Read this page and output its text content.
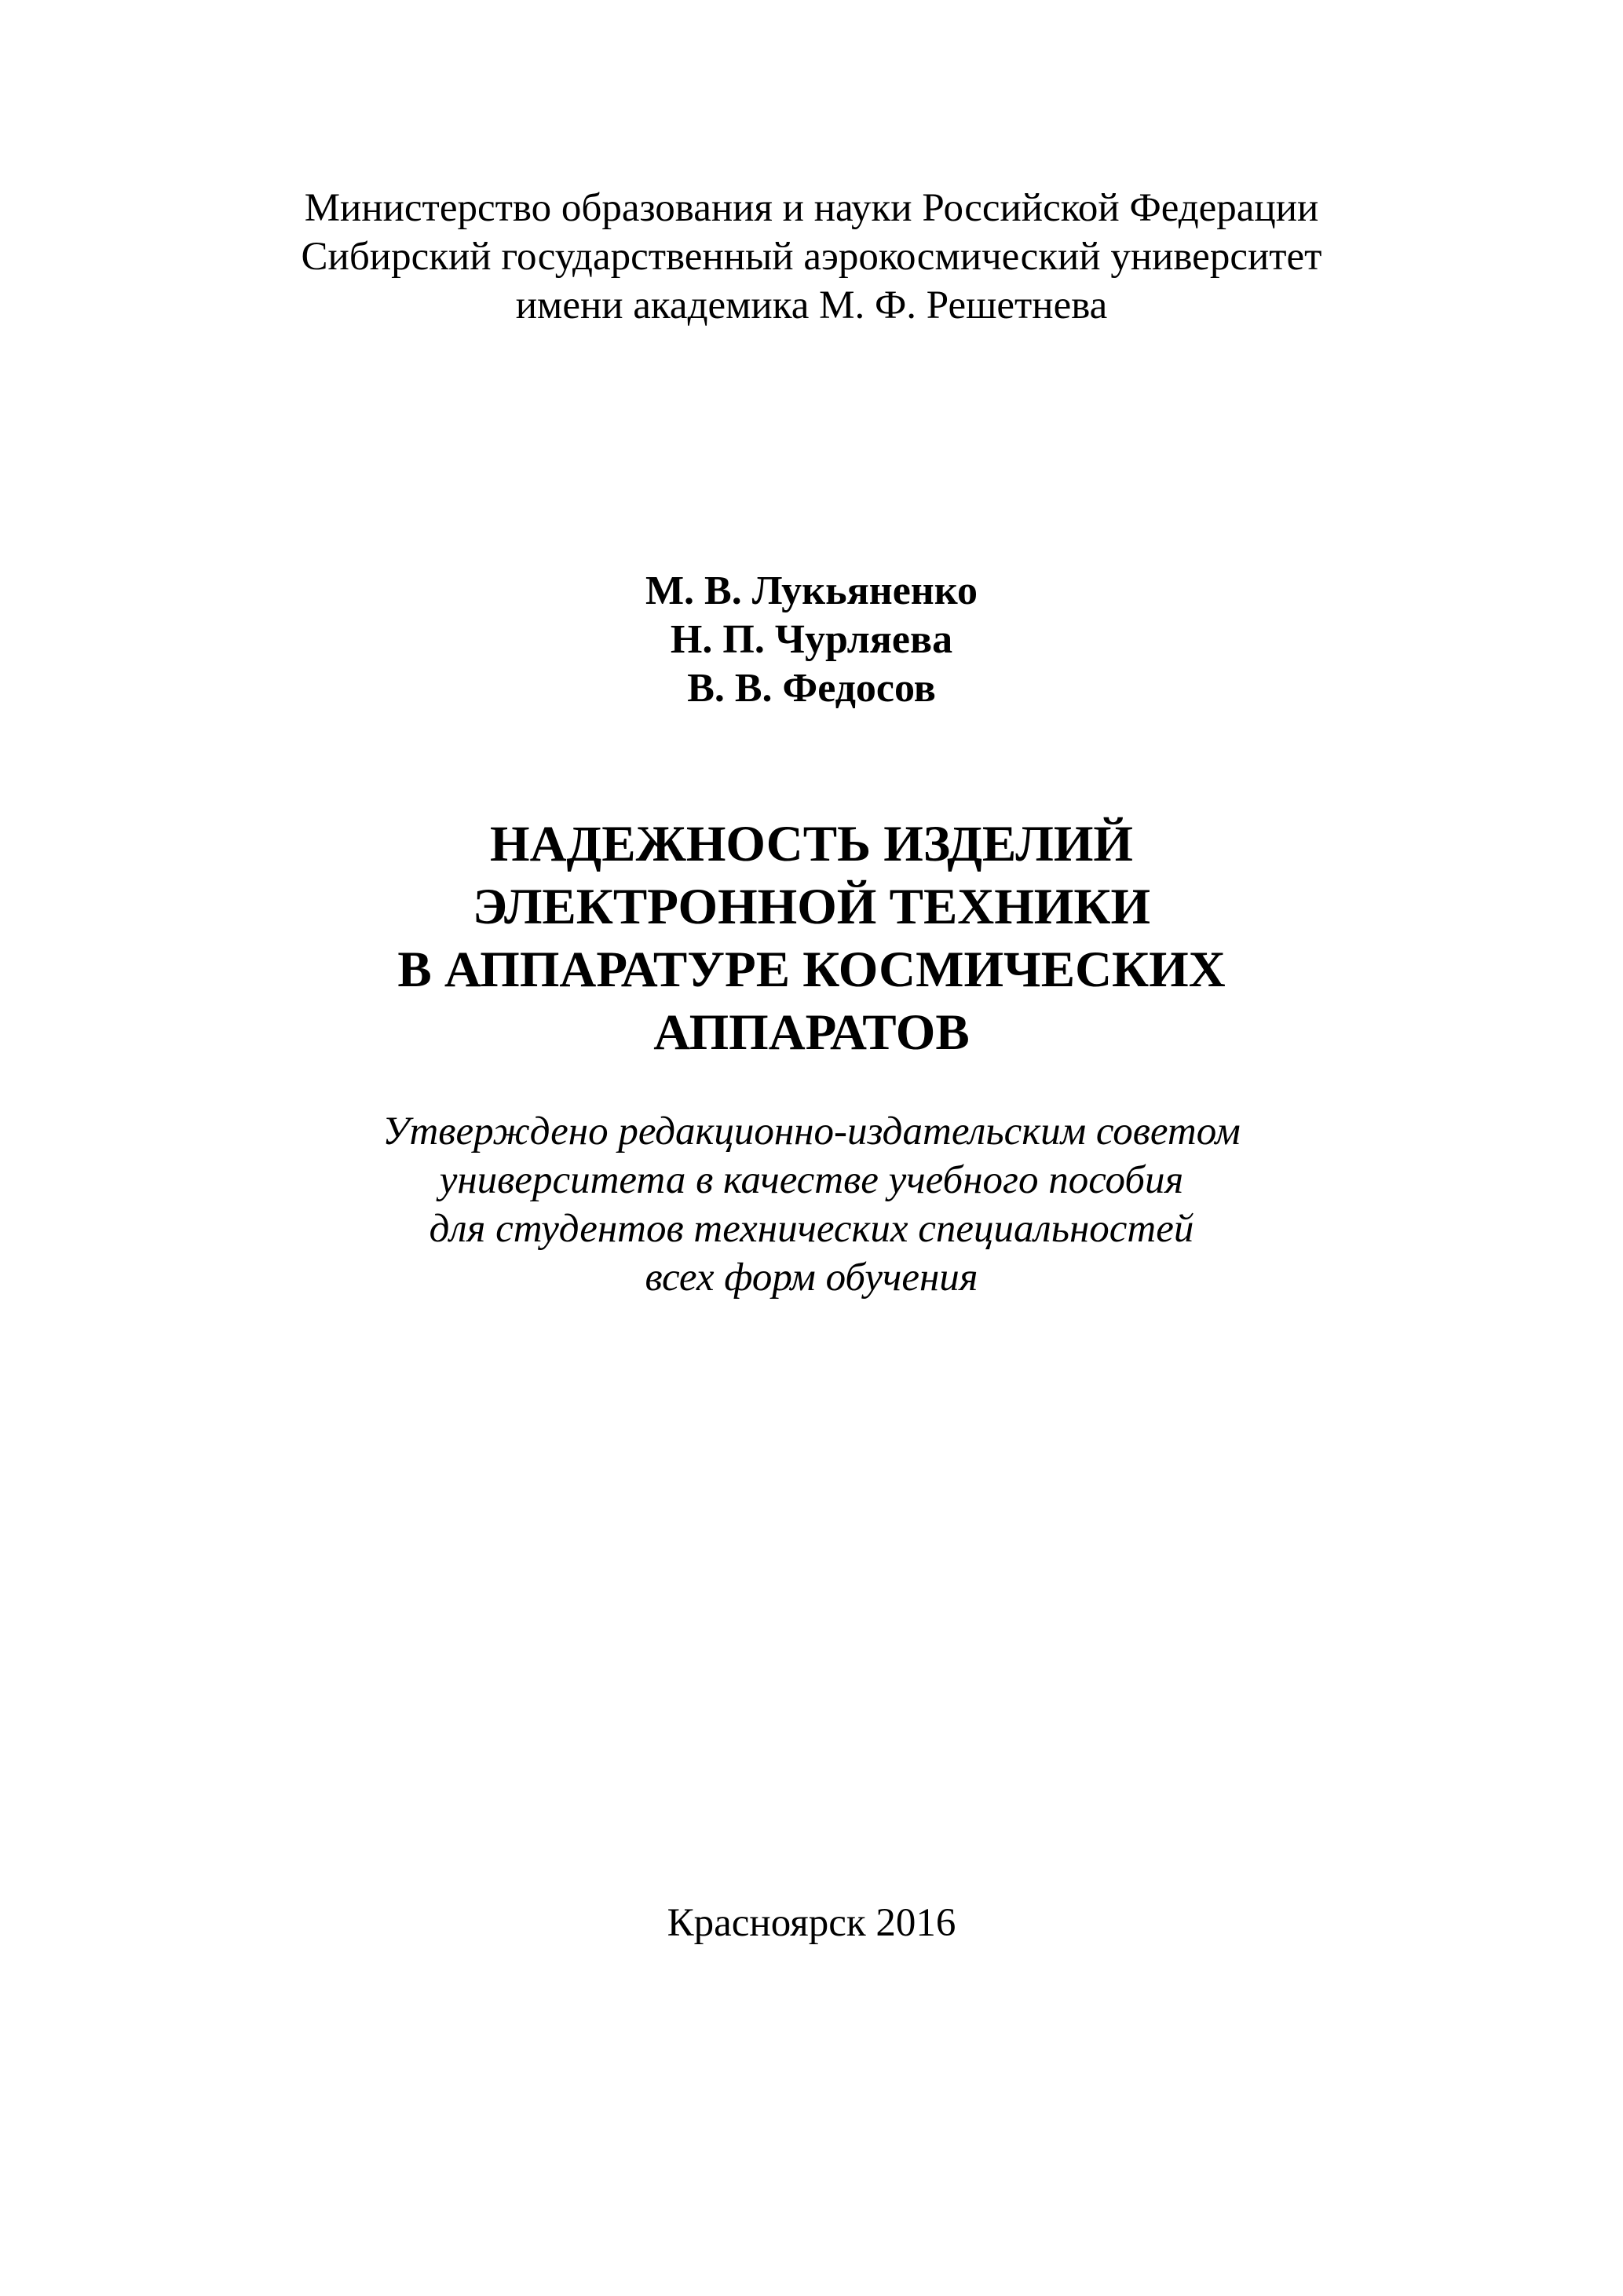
Министерство образования и науки Российской Федерации
Сибирский государственный аэрокосмический университет
имени академика М. Ф. Решетнева
М. В. Лукьяненко
Н. П. Чурляева
В. В. Федосов
НАДЕЖНОСТЬ ИЗДЕЛИЙ
ЭЛЕКТРОННОЙ ТЕХНИКИ
В АППАРАТУРЕ КОСМИЧЕСКИХ
АППАРАТОВ
Утверждено редакционно-издательским советом
университета в качестве учебного пособия
для студентов технических специальностей
всех форм обучения
Красноярск 2016
